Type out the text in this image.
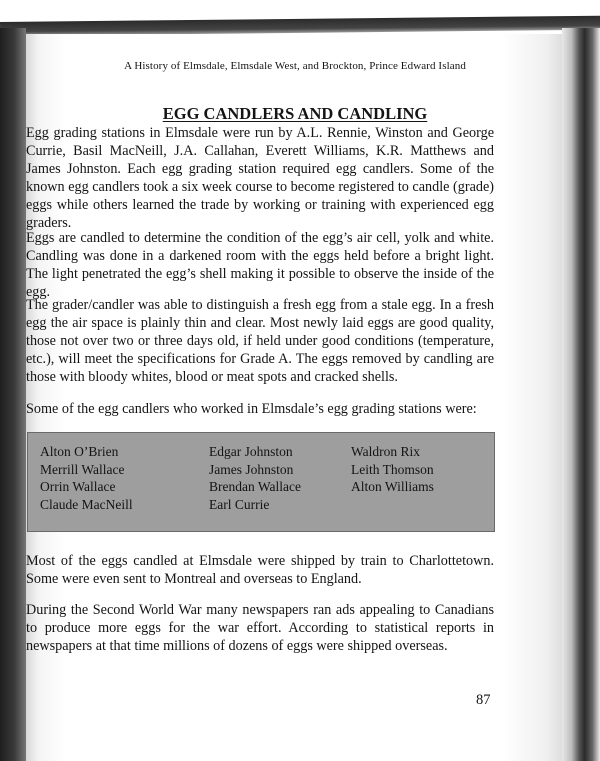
A History of Elmsdale, Elmsdale West, and Brockton, Prince Edward Island
EGG CANDLERS AND CANDLING

Egg grading stations in Elmsdale were run by A.L. Rennie, Winston and George Currie, Basil MacNeill, J.A. Callahan, Everett Williams, K.R. Matthews and James Johnston. Each egg grading station required egg candlers. Some of the known egg candlers took a six week course to become registered to candle (grade) eggs while others learned the trade by working or training with experienced egg graders.

Eggs are candled to determine the condition of the egg’s air cell, yolk and white. Candling was done in a darkened room with the eggs held before a bright light. The light penetrated the egg’s shell making it possible to observe the inside of the egg.

The grader/candler was able to distinguish a fresh egg from a stale egg. In a fresh egg the air space is plainly thin and clear. Most newly laid eggs are good quality, those not over two or three days old, if held under good conditions (temperature, etc.), will meet the specifications for Grade A. The eggs removed by candling are those with bloody whites, blood or meat spots and cracked shells.

Some of the egg candlers who worked in Elmsdale’s egg grading stations were:

Alton O’Brien
Merrill Wallace
Orrin Wallace
Claude MacNeill
Edgar Johnston
James Johnston
Brendan Wallace
Earl Currie
Waldron Rix
Leith Thomson
Alton Williams

Most of the eggs candled at Elmsdale were shipped by train to Charlottetown. Some were even sent to Montreal and overseas to England.

During the Second World War many newspapers ran ads appealing to Canadians to produce more eggs for the war effort. According to statistical reports in newspapers at that time millions of dozens of eggs were shipped overseas.

87
